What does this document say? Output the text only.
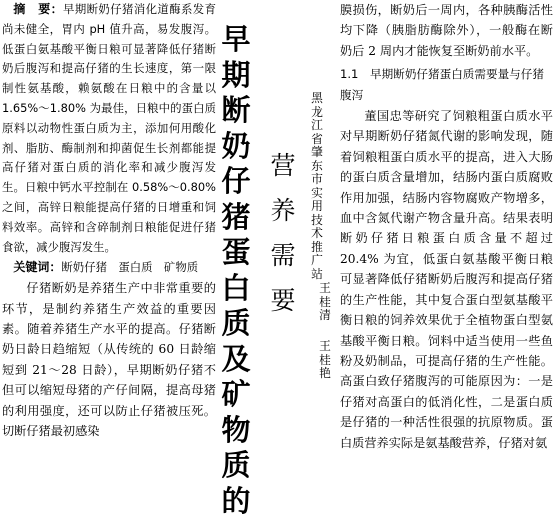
摘　要：早期断奶仔猪消化道酶系发育尚未健全，胃内 pH 值升高，易发腹泻。低蛋白氨基酸平衡日粮可显著降低仔猪断奶后腹泻和提高仔猪的生长速度，第一限制性氨基酸，赖氨酸在日粮中的含量以 1.65%～1.80% 为最佳，日粮中的蛋白质原料以动物性蛋白质为主，添加何用酸化剂、脂肪、酶制剂和抑菌促生长剂都能提高仔猪对蛋白质的消化率和减少腹泻发生。日粮中钙水平控制在 0.58%～0.80% 之间，高锌日粮能提高仔猪的日增重和饲料效率。高锌和含碎制剂日粮能促进仔猪食欲，减少腹泻发生。

关键词：断奶仔猪　蛋白质　矿物质

仔猪断奶是养猪生产中非常重要的环节，是制约养猪生产效益的重要因素。随着养猪生产水平的提高。仔猪断奶日龄日趋缩短（从传统的 60 日龄缩短到 21～28 日龄），早期断奶仔猪不但可以缩短母猪的产仔间隔，提高母猪的利用强度，还可以防止仔猪被压死。切断仔猪最初感染

早
期
断
奶
仔
猪
蛋
白
质
及
矿
物
质
的
营
养
需
要
黑龙江省肇东市实用技术推广站
王桂清
王桂艳

膜损伤，断奶后一周内，各种胰酶活性均下降（胰脂肪酶除外），一般酶在断奶后 2 周内才能恢复至断奶前水平。

1.1　早期断奶仔猪蛋白质需要量与仔猪腹泻

董国忠等研究了饲粮粗蛋白质水平对早期断奶仔猪氮代谢的影响发现，随着饲粮粗蛋白质水平的提高，进入大肠的蛋白质含量增加，结肠内蛋白质腐败作用加强，结肠内容物腐败产物增多，血中含氮代谢产物含量升高。结果表明断奶仔猪日粮蛋白质含量不超过 20.4% 为宜，低蛋白氨基酸平衡日粮可显著降低仔猪断奶后腹泻和提高仔猪的生产性能，其中复合蛋白型氨基酸平衡日粮的饲养效果优于全植物蛋白型氨基酸平衡日粮。饲料中适当使用一些鱼粉及奶制品，可提高仔猪的生产性能。高蛋白致仔猪腹泻的可能原因为：一是仔猪对高蛋白的低消化性，二是蛋白质是仔猪的一种活性很强的抗原物质。蛋白质营养实际是氨基酸营养，仔猪对氨
